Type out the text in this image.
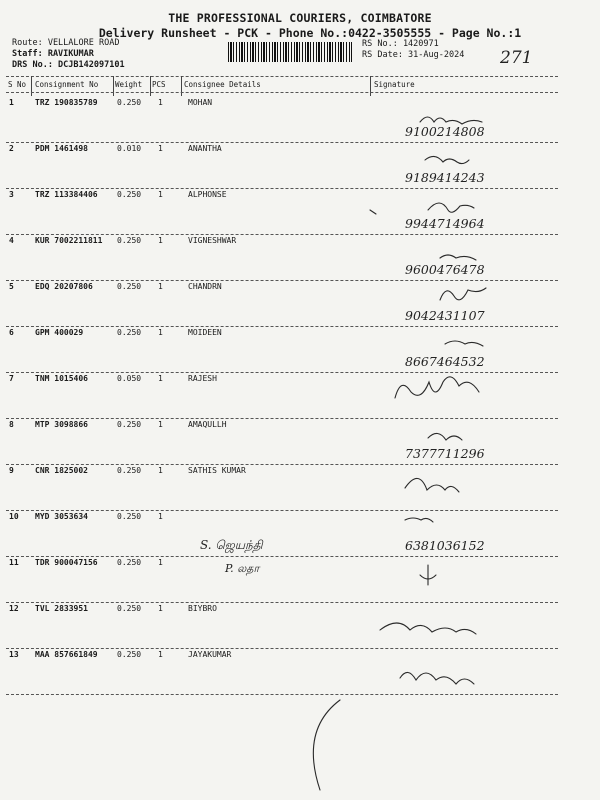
THE PROFESSIONAL COURIERS, COIMBATORE
Delivery Runsheet - PCK - Phone No.:0422-3505555 - Page No.:1
Route: VELLALORE ROAD
Staff: RAVIKUMAR
DRS No.: DCJB142097101
RS No.: 1420971
RS Date: 31-Aug-2024 271
S No Consignment No Weight PCS Consignee Details	Signature
1	TRZ 190835789 0.250 1	MOHAN
9100214808
2	PDM 1461498	0.010 1	ANANTHA
9189414243
3	TRZ 113384406 0.250 1	ALPHONSE
9944714964
4	KUR 7002211811 0.250 1	VIGNESHWAR
9600476478
5	EDQ 20207806	0.250 1	CHANDRN
9042431107
6	GPM 400029	0.250 1	MOIDEEN
8667464532
7	TNM 1015406	0.050 1	RAJESH
8	MTP 3098866	0.250 1	AMAQULLH
7377711296
9	CNR 1825002	0.250 1	SATHIS KUMAR
10 MYD 3053634	0.250 1
6381036152
11 TDR 900047156 0.250 1
12 TVL 2833951	0.250 1	BIYBRO
13 MAA 857661849 0.250 1	JAYAKUMAR
S. ஜெயந்தி
P. லதா
